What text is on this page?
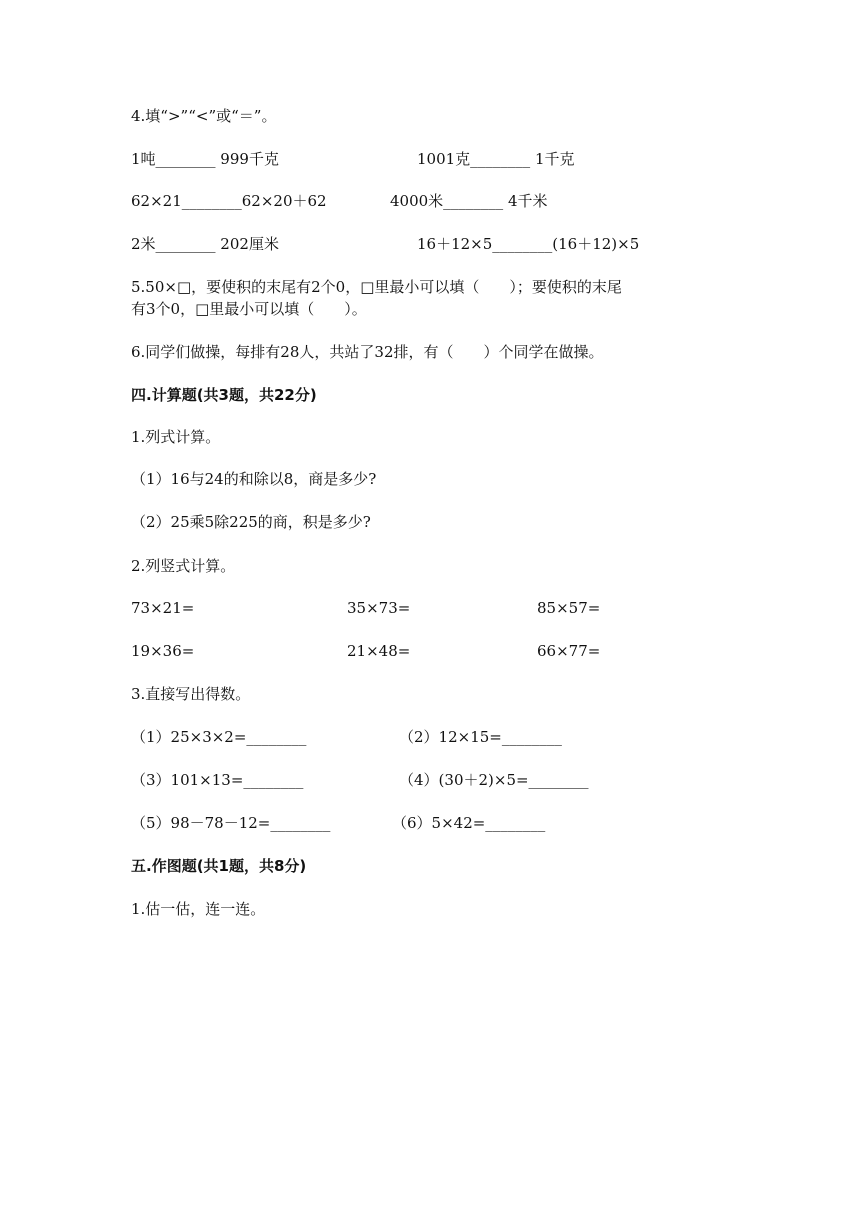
4.填“>”“<”或“＝”。
1吨________ 999千克	1001克________ 1千克
62×21________62×20＋62	4000米________ 4千米
2米________ 202厘米	16＋12×5________(16＋12)×5
5.50×□，要使积的末尾有2个0，□里最小可以填（　　）；要使积的末尾
有3个0，□里最小可以填（　　）。
6.同学们做操，每排有28人，共站了32排，有（　　）个同学在做操。
四.计算题(共3题，共22分)
1.列式计算。
（1）16与24的和除以8，商是多少?
（2）25乘5除225的商，积是多少?
2.列竖式计算。
73×21=	35×73=	85×57=
19×36=	21×48=	66×77=
3.直接写出得数。
（1）25×3×2=________	（2）12×15=________
（3）101×13=________	（4）(30＋2)×5=________
（5）98－78－12=________	（6）5×42=________
五.作图题(共1题，共8分)
1.估一估，连一连。
